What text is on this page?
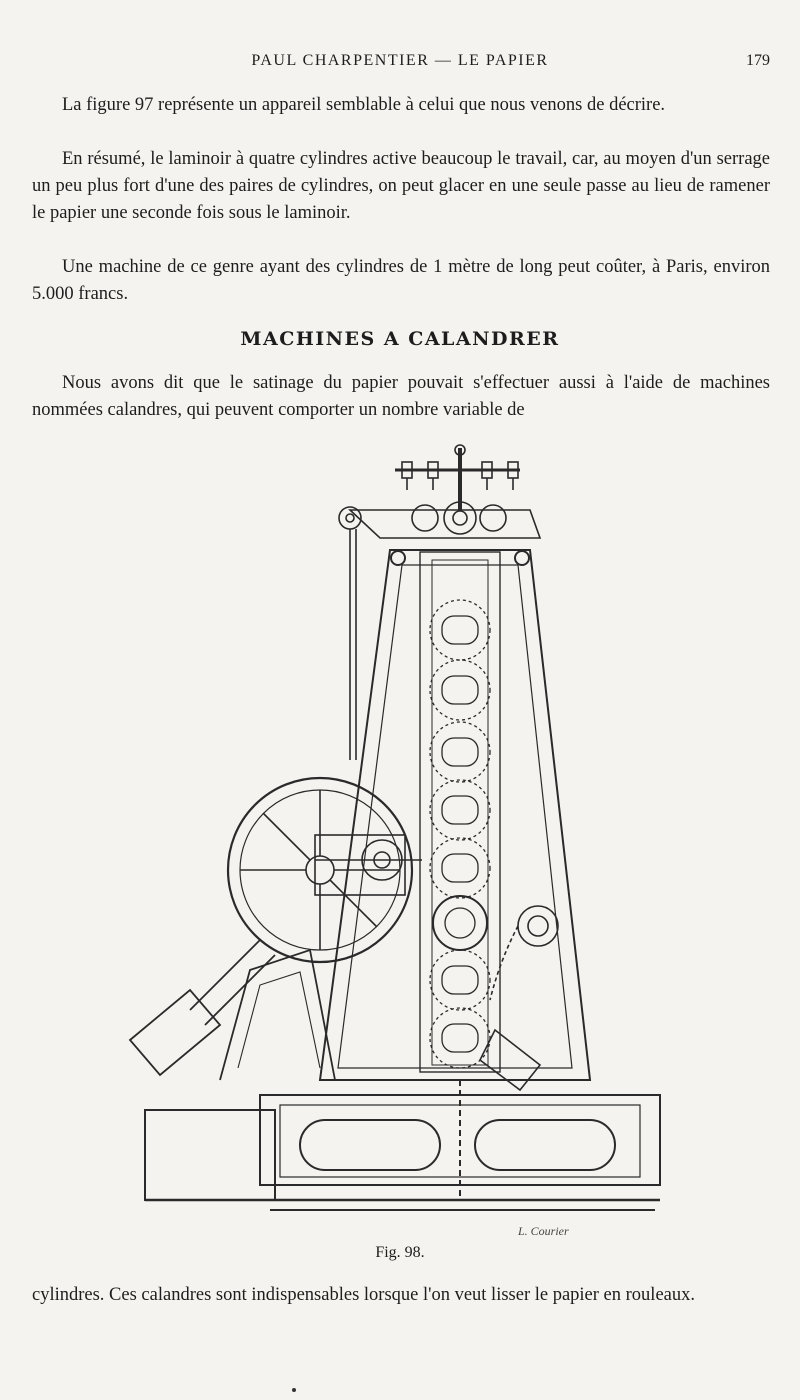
PAUL CHARPENTIER — LE PAPIER	179

La figure 97 représente un appareil semblable à celui que nous venons de décrire.

En résumé, le laminoir à quatre cylindres active beaucoup le travail, car, au moyen d'un serrage un peu plus fort d'une des paires de cylindres, on peut glacer en une seule passe au lieu de ramener le papier une seconde fois sous le laminoir.

Une machine de ce genre ayant des cylindres de 1 mètre de long peut coûter, à Paris, environ 5.000 francs.

MACHINES A CALANDRER

Nous avons dit que le satinage du papier pouvait s'effectuer aussi à l'aide de machines nommées calandres, qui peuvent comporter un nombre variable de

L. Courier
Fig. 98.

cylindres. Ces calandres sont indispensables lorsque l'on veut lisser le papier en rouleaux.
